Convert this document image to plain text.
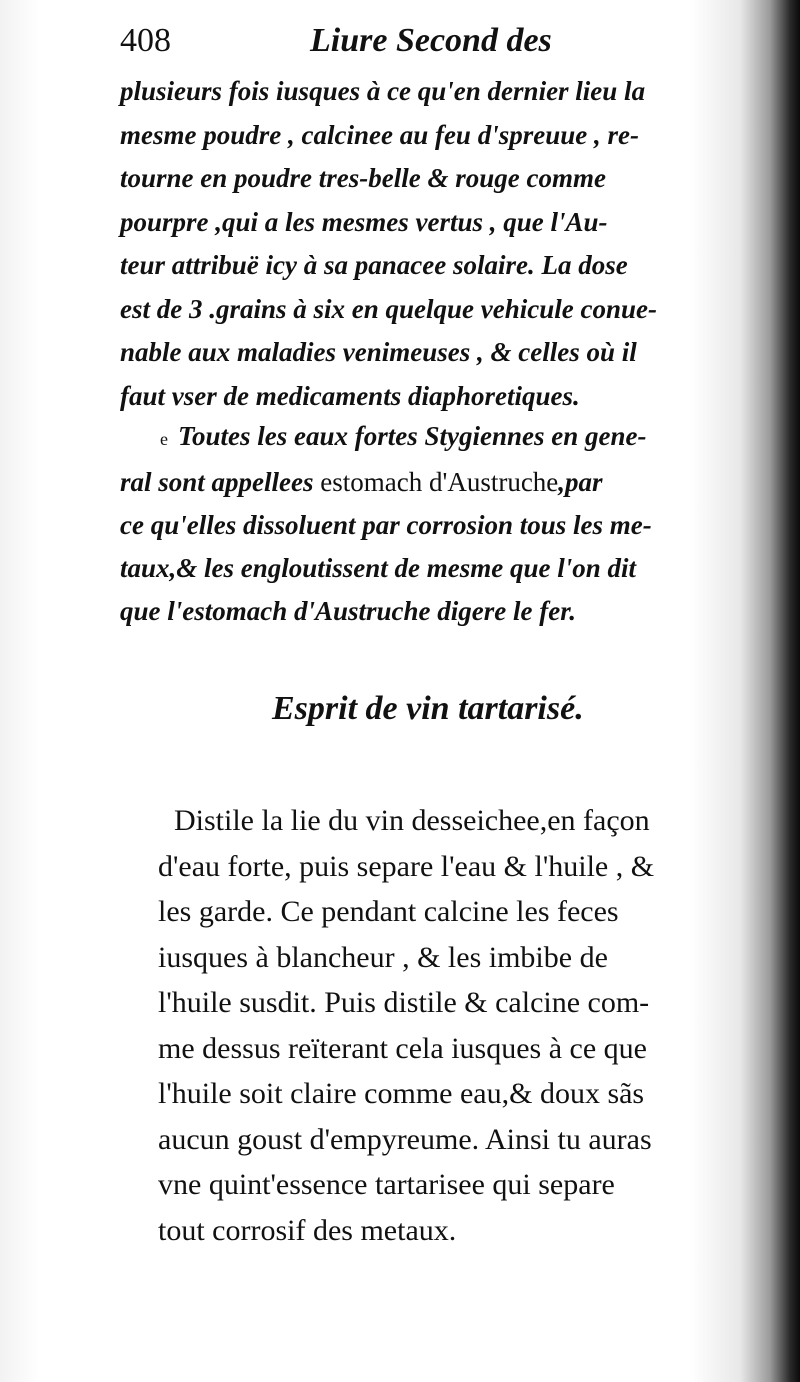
408	Liure Second des
plusieurs fois iusques à ce qu'en dernier lieu la
mesme poudre , calcinee au feu d'spreuue , re-
tourne en poudre tres-belle & rouge comme
pourpre ,qui a les mesmes vertus , que l'Au-
teur attribuë icy à sa panacee solaire. La dose
est de 3 .grains à six en quelque vehicule conue-
nable aux maladies venimeuses , & celles où il
faut vser de medicaments diaphoretiques.
e Toutes les eaux fortes Stygiennes en gene-
ral sont appellees estomach d'Austruche,par
ce qu'elles dissoluent par corrosion tous les me-
taux,& les engloutissent de mesme que l'on dit
que l'estomach d'Austruche digere le fer.
Esprit de vin tartarisé.
Distile la lie du vin desseichee,en façon
d'eau forte, puis separe l'eau & l'huile , &
les garde. Ce pendant calcine les feces
iusques à blancheur , & les imbibe de
l'huile susdit. Puis distile & calcine com-
me dessus reïterant cela iusques à ce que
l'huile soit claire comme eau,& doux sãs
aucun goust d'empyreume. Ainsi tu auras
vne quint'essence tartarisee qui separe
tout corrosif des metaux.
